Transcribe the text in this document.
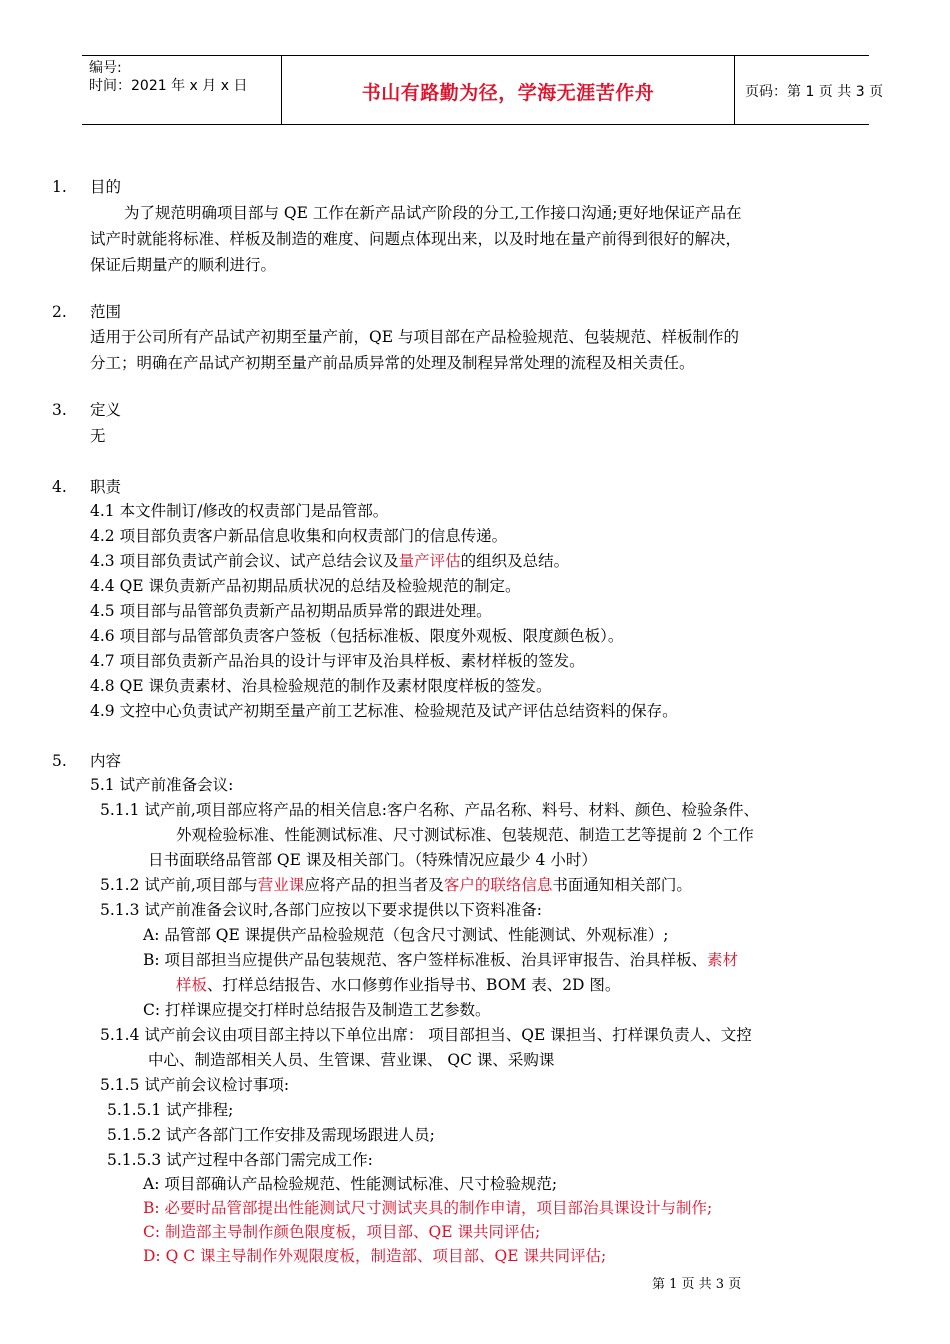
编号:
时间：2021 年 x 月 x 日	书山有路勤为径，学海无涯苦作舟	页码：第 1 页 共 3 页
1. 目的
为了规范明确项目部与 QE 工作在新产品试产阶段的分工,工作接口沟通;更好地保证产品在
试产时就能将标准、样板及制造的难度、问题点体现出来，以及时地在量产前得到很好的解决，
保证后期量产的顺利进行。
2. 范围
适用于公司所有产品试产初期至量产前，QE 与项目部在产品检验规范、包装规范、样板制作的
分工；明确在产品试产初期至量产前品质异常的处理及制程异常处理的流程及相关责任。
3. 定义
无
4. 职责
4.1 本文件制订/修改的权责部门是品管部。
4.2 项目部负责客户新品信息收集和向权责部门的信息传递。
4.3 项目部负责试产前会议、试产总结会议及量产评估的组织及总结。
4.4 QE 课负责新产品初期品质状况的总结及检验规范的制定。
4.5 项目部与品管部负责新产品初期品质异常的跟进处理。
4.6 项目部与品管部负责客户签板（包括标准板、限度外观板、限度颜色板）。
4.7 项目部负责新产品治具的设计与评审及治具样板、素材样板的签发。
4.8 QE 课负责素材、治具检验规范的制作及素材限度样板的签发。
4.9 文控中心负责试产初期至量产前工艺标准、检验规范及试产评估总结资料的保存。
5. 内容
5.1 试产前准备会议:
5.1.1 试产前,项目部应将产品的相关信息:客户名称、产品名称、料号、材料、颜色、检验条件、
外观检验标准、性能测试标准、尺寸测试标准、包装规范、制造工艺等提前 2 个工作
日书面联络品管部 QE 课及相关部门。（特殊情况应最少 4 小时）
5.1.2 试产前,项目部与营业课应将产品的担当者及客户的联络信息书面通知相关部门。
5.1.3 试产前准备会议时,各部门应按以下要求提供以下资料准备:
A: 品管部 QE 课提供产品检验规范（包含尺寸测试、性能测试、外观标准）;
B: 项目部担当应提供产品包装规范、客户签样标准板、治具评审报告、治具样板、素材
样板、打样总结报告、水口修剪作业指导书、BOM 表、2D 图。
C: 打样课应提交打样时总结报告及制造工艺参数。
5.1.4 试产前会议由项目部主持以下单位出席： 项目部担当、QE 课担当、打样课负责人、文控
中心、制造部相关人员、生管课、营业课、 QC 课、采购课
5.1.5 试产前会议检讨事项:
5.1.5.1 试产排程;
5.1.5.2 试产各部门工作安排及需现场跟进人员;
5.1.5.3 试产过程中各部门需完成工作:
A: 项目部确认产品检验规范、性能测试标准、尺寸检验规范;
B: 必要时品管部提出性能测试尺寸测试夹具的制作申请，项目部治具课设计与制作;
C: 制造部主导制作颜色限度板，项目部、QE 课共同评估;
D: Q C 课主导制作外观限度板，制造部、项目部、QE 课共同评估;
第 1 页 共 3 页
